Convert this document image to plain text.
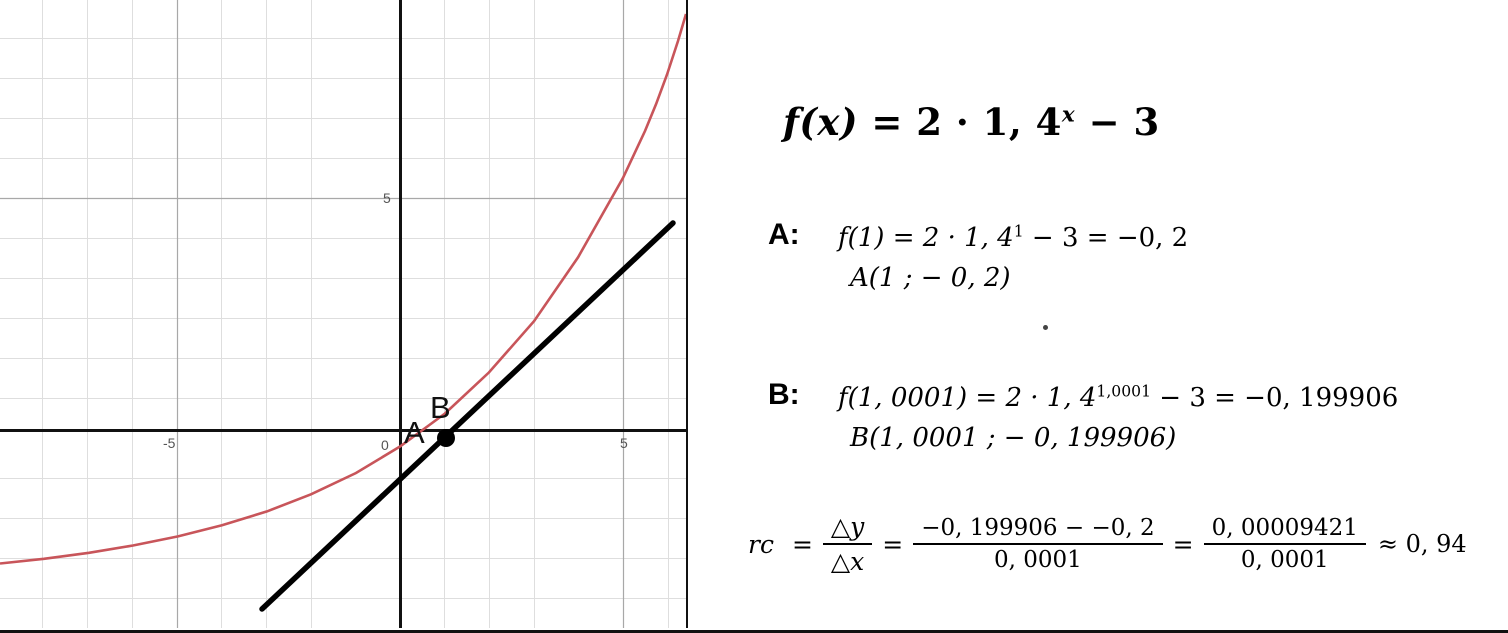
-5	5
5
0 A
B
f(x) = 2 · 1, $4^x - 3$
A: f(1) = 2 · 1, $4^1 - 3 = -0$, 2
A(1 ; − 0, 2)
B: f(1, 0001) = 2 · 1, $4^{1,0001} - 3 = -0$, 199906
B(1, 0001 ; − 0, 199906)
rc = $\frac{\triangle y}{\triangle x} = \frac{-0, 199906 - -0, 2}{0, 0001} = \frac{0, 00009421}{0, 0001} \approx 0$, 94
